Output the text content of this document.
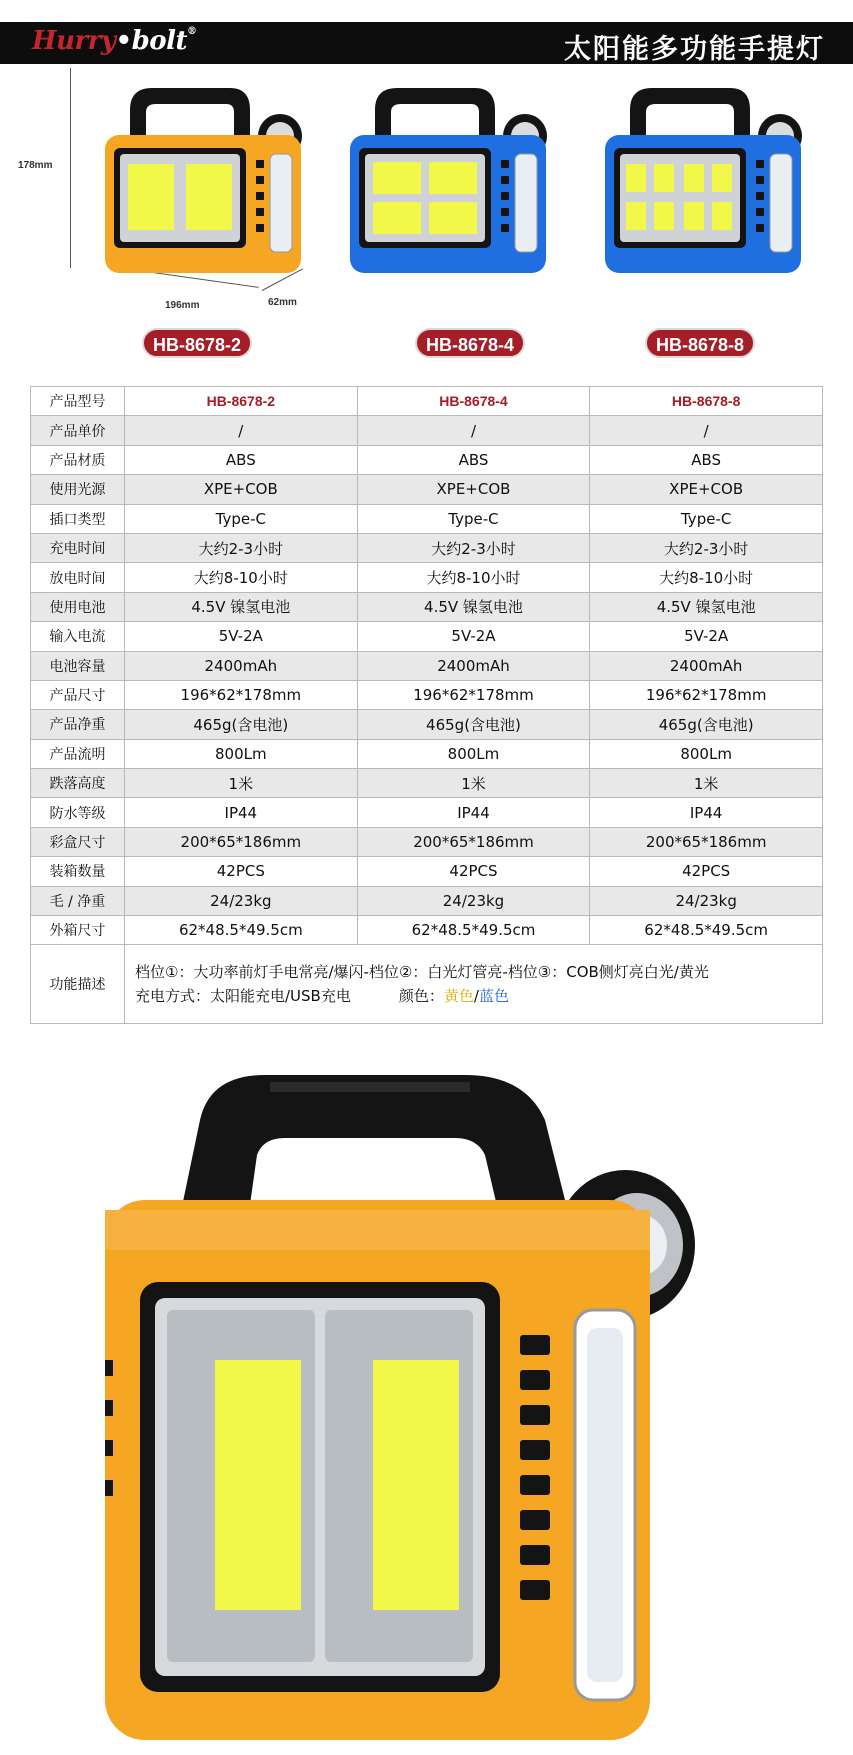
Hurry•bolt®
太阳能多功能手提灯
178mm
196mm	62mm
HB-8678-2	HB-8678-4	HB-8678-8
产品型号	HB-8678-2	HB-8678-4	HB-8678-8
产品单价	/	/	/
产品材质	ABS	ABS	ABS
使用光源	XPE+COB	XPE+COB	XPE+COB
插口类型	Type-C	Type-C	Type-C
充电时间	大约2-3小时	大约2-3小时	大约2-3小时
放电时间	大约8-10小时	大约8-10小时	大约8-10小时
使用电池	4.5V 镍氢电池	4.5V 镍氢电池	4.5V 镍氢电池
输入电流	5V-2A	5V-2A	5V-2A
电池容量	2400mAh	2400mAh	2400mAh
产品尺寸	196*62*178mm	196*62*178mm	196*62*178mm
产品净重	465g(含电池)	465g(含电池)	465g(含电池)
产品流明	800Lm	800Lm	800Lm
跌落高度	1米	1米	1米
防水等级	IP44	IP44	IP44
彩盒尺寸	200*65*186mm	200*65*186mm	200*65*186mm
装箱数量	42PCS	42PCS	42PCS
毛 / 净重	24/23kg	24/23kg	24/23kg
外箱尺寸	62*48.5*49.5cm	62*48.5*49.5cm	62*48.5*49.5cm
功能描述	档位①：大功率前灯手电常亮/爆闪-档位②：白光灯管亮-档位③：COB侧灯亮白光/黄光
充电方式：太阳能充电/USB充电 颜色：黄色/蓝色		
